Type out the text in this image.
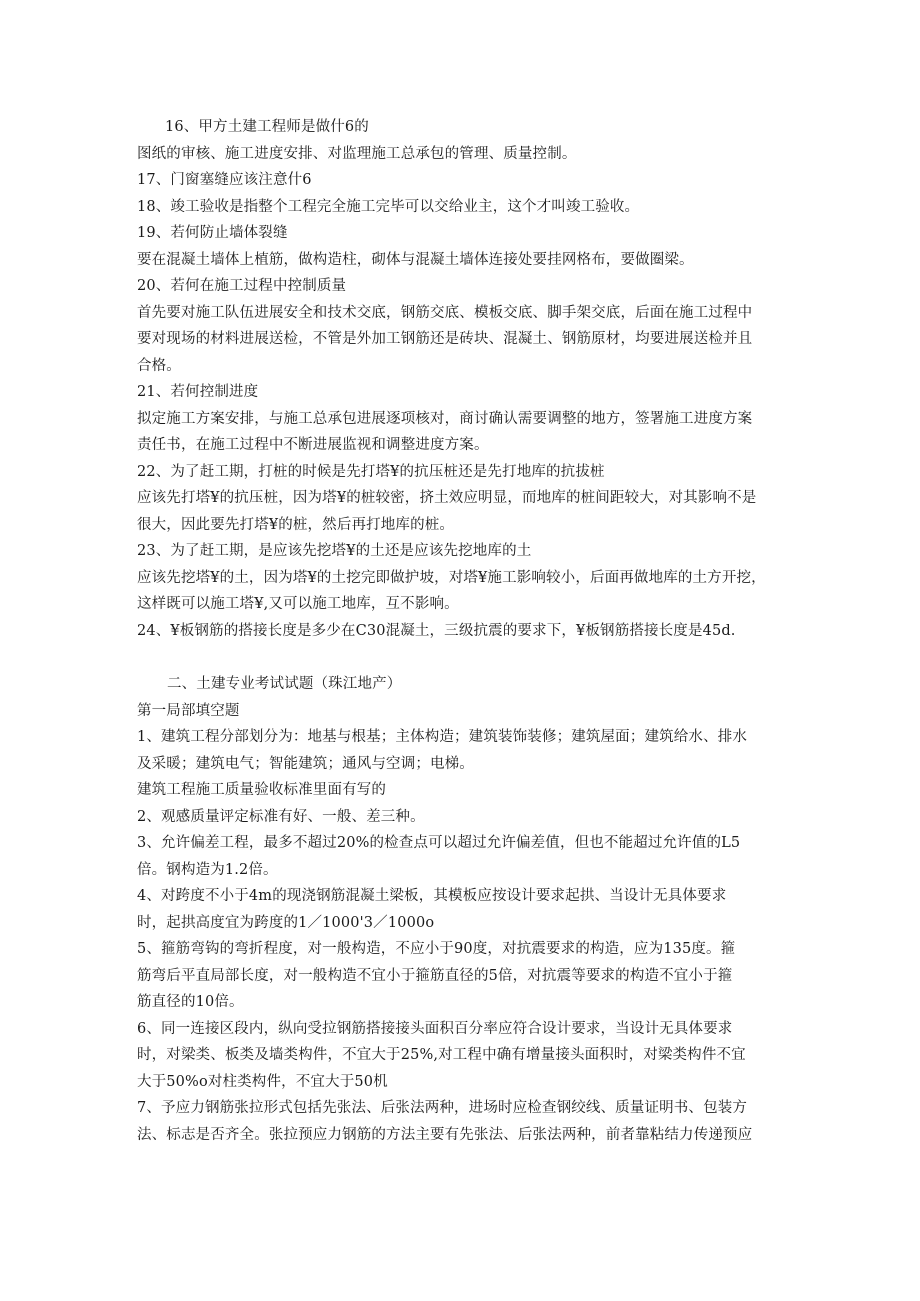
16、甲方土建工程师是做什6的
图纸的审核、施工进度安排、对监理施工总承包的管理、质量控制。
17、门窗塞缝应该注意什6
18、竣工验收是指整个工程完全施工完毕可以交给业主，这个才叫竣工验收。
19、若何防止墙体裂缝
要在混凝土墙体上植筋，做构造柱，砌体与混凝土墙体连接处要挂网格布，要做圈梁。
20、若何在施工过程中控制质量
首先要对施工队伍进展安全和技术交底，钢筋交底、模板交底、脚手架交底，后面在施工过程中
要对现场的材料进展送检，不管是外加工钢筋还是砖块、混凝土、钢筋原材，均要进展送检并且
合格。
21、若何控制进度
拟定施工方案安排，与施工总承包进展逐项核对，商讨确认需要调整的地方，签署施工进度方案
责任书，在施工过程中不断进展监视和调整进度方案。
22、为了赶工期，打桩的时候是先打塔¥的抗压桩还是先打地库的抗拔桩
应该先打塔¥的抗压桩，因为塔¥的桩较密，挤土效应明显，而地库的桩间距较大，对其影响不是
很大，因此要先打塔¥的桩，然后再打地库的桩。
23、为了赶工期，是应该先挖塔¥的土还是应该先挖地库的土
应该先挖塔¥的土，因为塔¥的土挖完即做护坡，对塔¥施工影响较小，后面再做地库的土方开挖，
这样既可以施工塔¥,又可以施工地库，互不影响。
24、¥板钢筋的搭接长度是多少在C30混凝土，三级抗震的要求下，¥板钢筋搭接长度是45d.
二、土建专业考试试题（珠江地产）
第一局部填空题
1、建筑工程分部划分为：地基与根基；主体构造；建筑装饰装修；建筑屋面；建筑给水、排水
及采暖；建筑电气；智能建筑；通风与空调；电梯。
建筑工程施工质量验收标准里面有写的
2、观感质量评定标准有好、一般、差三种。
3、允许偏差工程，最多不超过20%的检查点可以超过允许偏差值，但也不能超过允许值的L5
倍。钢构造为1.2倍。
4、对跨度不小于4m的现浇钢筋混凝土梁板，其模板应按设计要求起拱、当设计无具体要求
时，起拱高度宜为跨度的1／1000'3／1000o
5、箍筋弯钩的弯折程度，对一般构造，不应小于90度，对抗震要求的构造，应为135度。箍
筋弯后平直局部长度，对一般构造不宜小于箍筋直径的5倍，对抗震等要求的构造不宜小于箍
筋直径的10倍。
6、同一连接区段内，纵向受拉钢筋搭接接头面积百分率应符合设计要求，当设计无具体要求
时，对梁类、板类及墙类构件，不宜大于25%,对工程中确有增量接头面积时，对梁类构件不宜
大于50%o对柱类构件，不宜大于50机
7、予应力钢筋张拉形式包括先张法、后张法两种，进场时应检查钢绞线、质量证明书、包装方
法、标志是否齐全。张拉预应力钢筋的方法主要有先张法、后张法两种，前者靠粘结力传递预应
